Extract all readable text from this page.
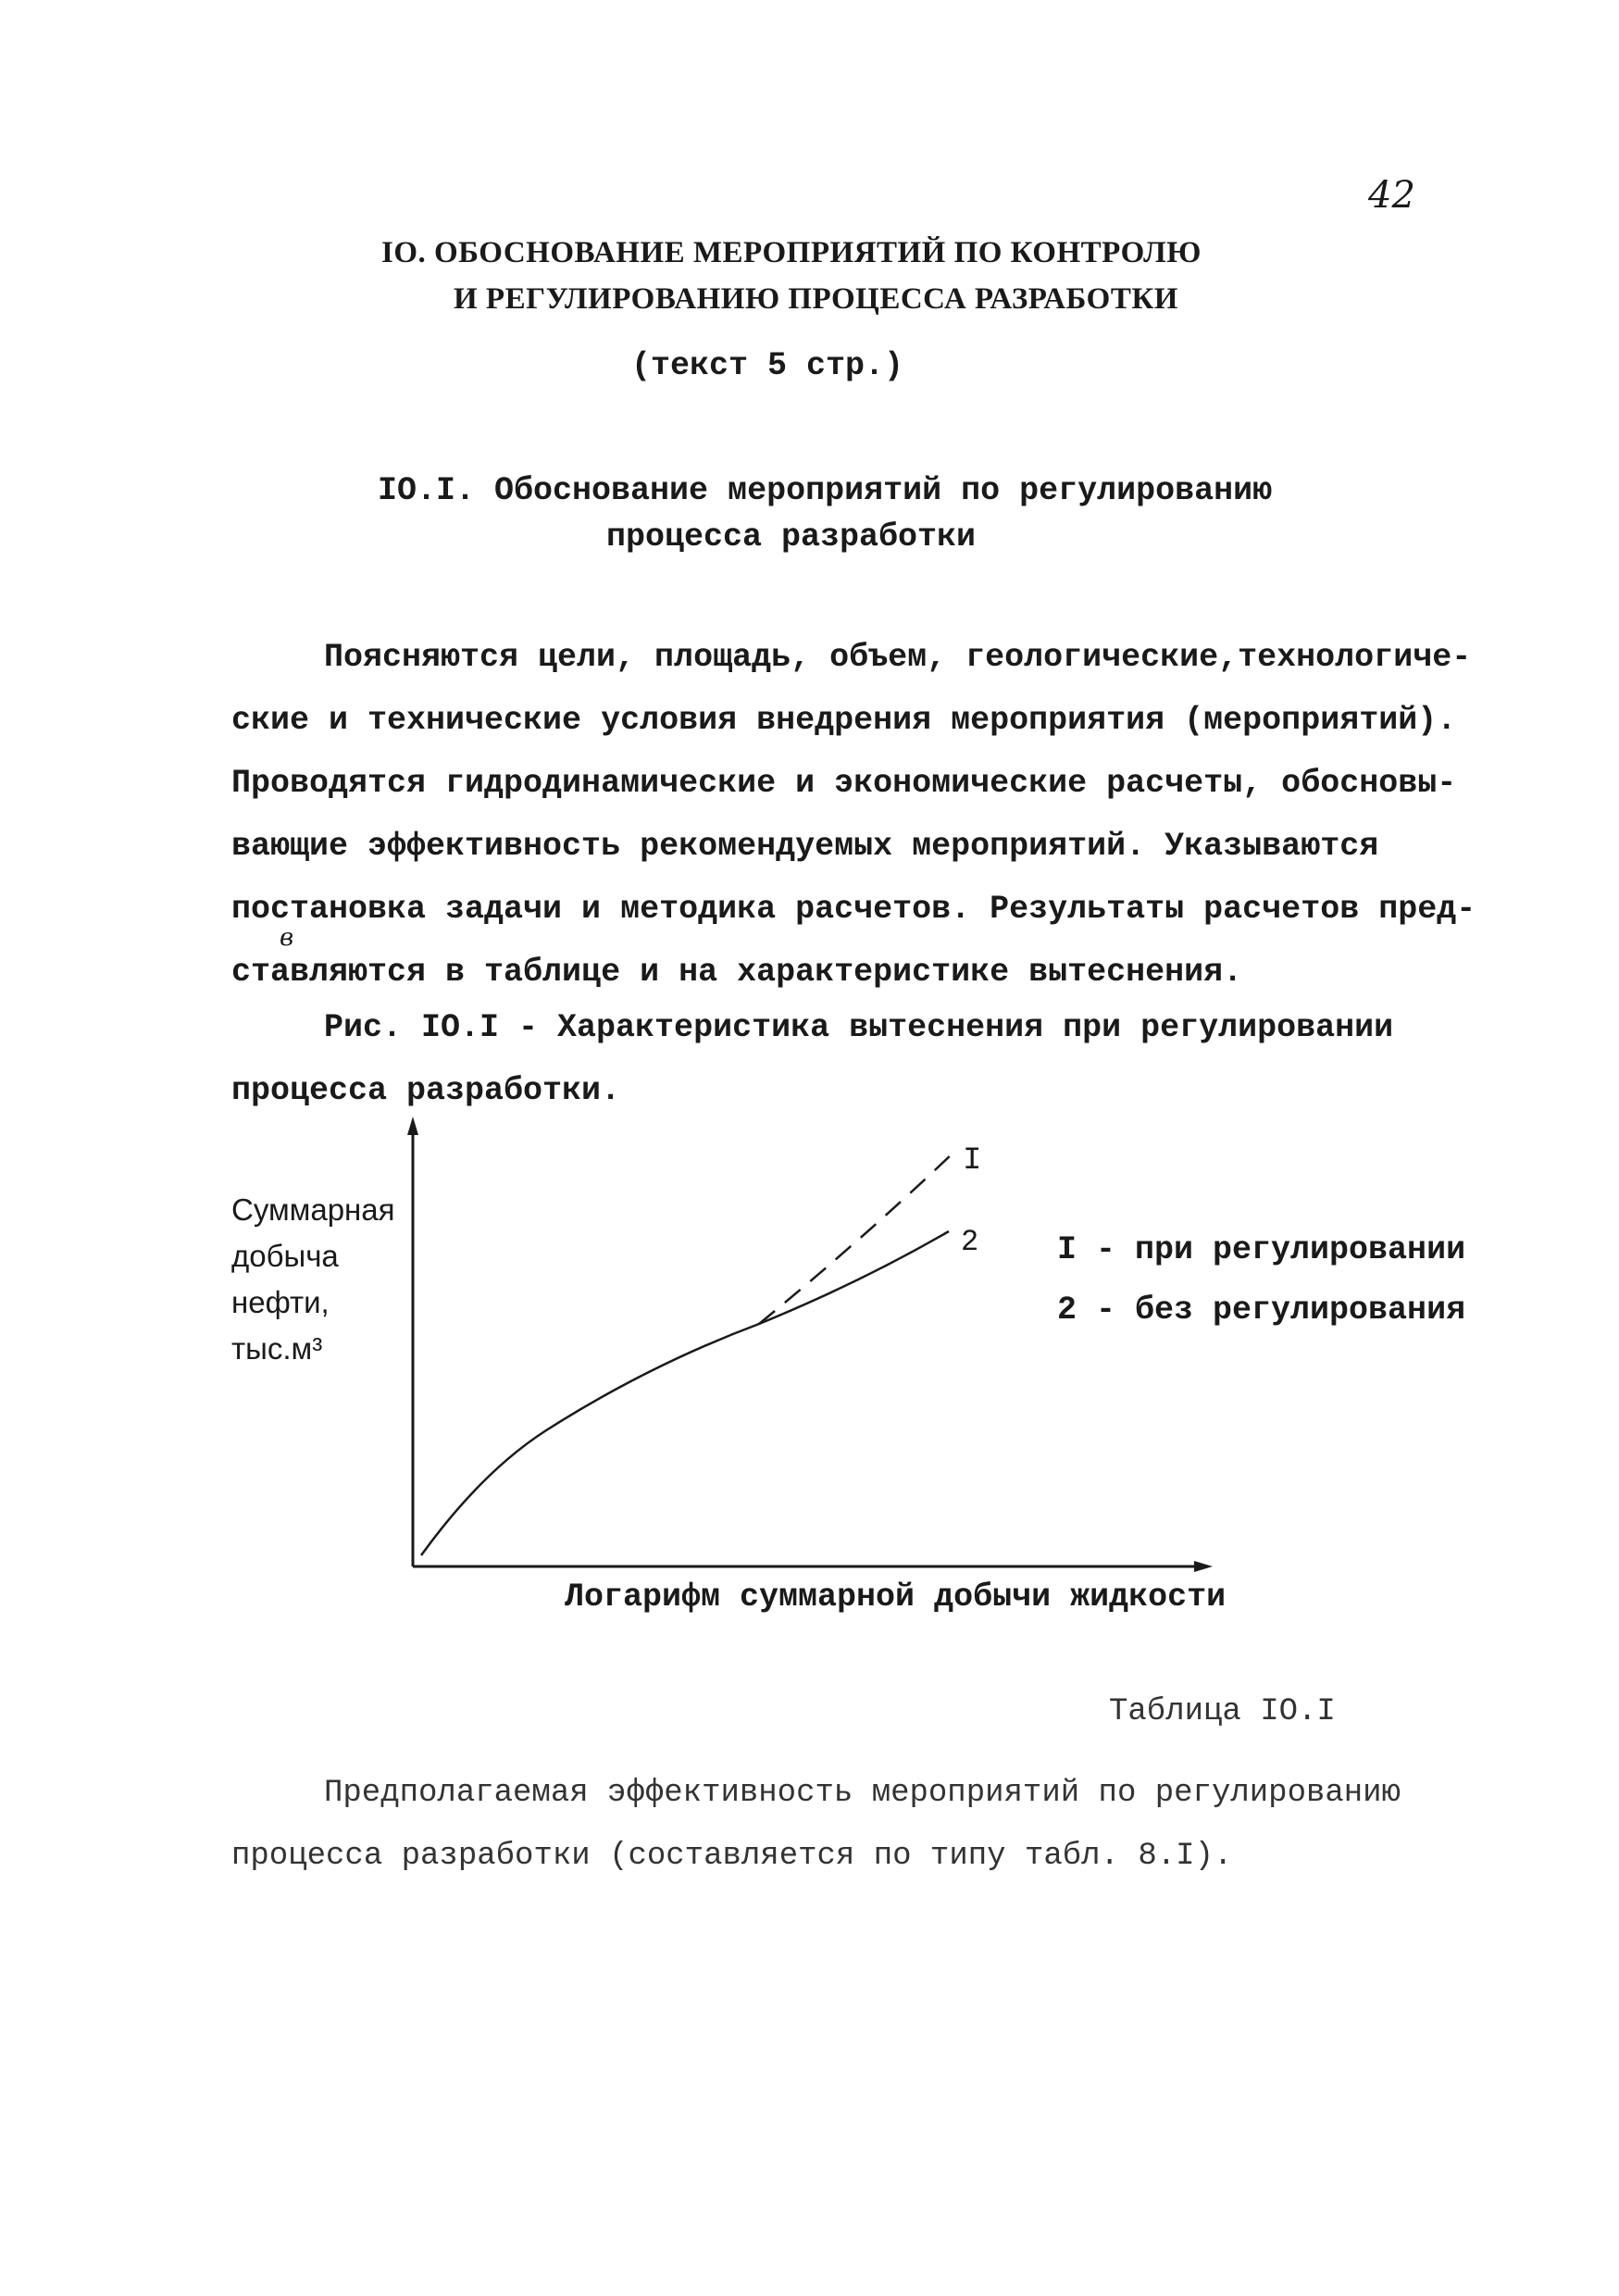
42
IO. ОБОСНОВАНИЕ МЕРОПРИЯТИЙ ПО КОНТРОЛЮ
И РЕГУЛИРОВАНИЮ ПРОЦЕССА РАЗРАБОТКИ
(текст 5 стр.)
IO.I. Обоснование мероприятий по регулированию
процесса разработки
Поясняются цели, площадь, объем, геологические,технологиче-
ские и технические условия внедрения мероприятия (мероприятий).
Проводятся гидродинамические и экономические расчеты, обосновы-
вающие эффективность рекомендуемых мероприятий. Указываются
постановка задачи и методика расчетов. Результаты расчетов пред-
в
ставляются в таблице и на характеристике вытеснения.
Рис. IO.I - Характеристика вытеснения при регулировании
процесса разработки.
Суммарная
добыча
нефти,
тыс.м³
I
2 I - при регулировании
2 - без регулирования
Логарифм суммарной добычи жидкости
Таблица IO.I
Предполагаемая эффективность мероприятий по регулированию
процесса разработки (составляется по типу табл. 8.I).
